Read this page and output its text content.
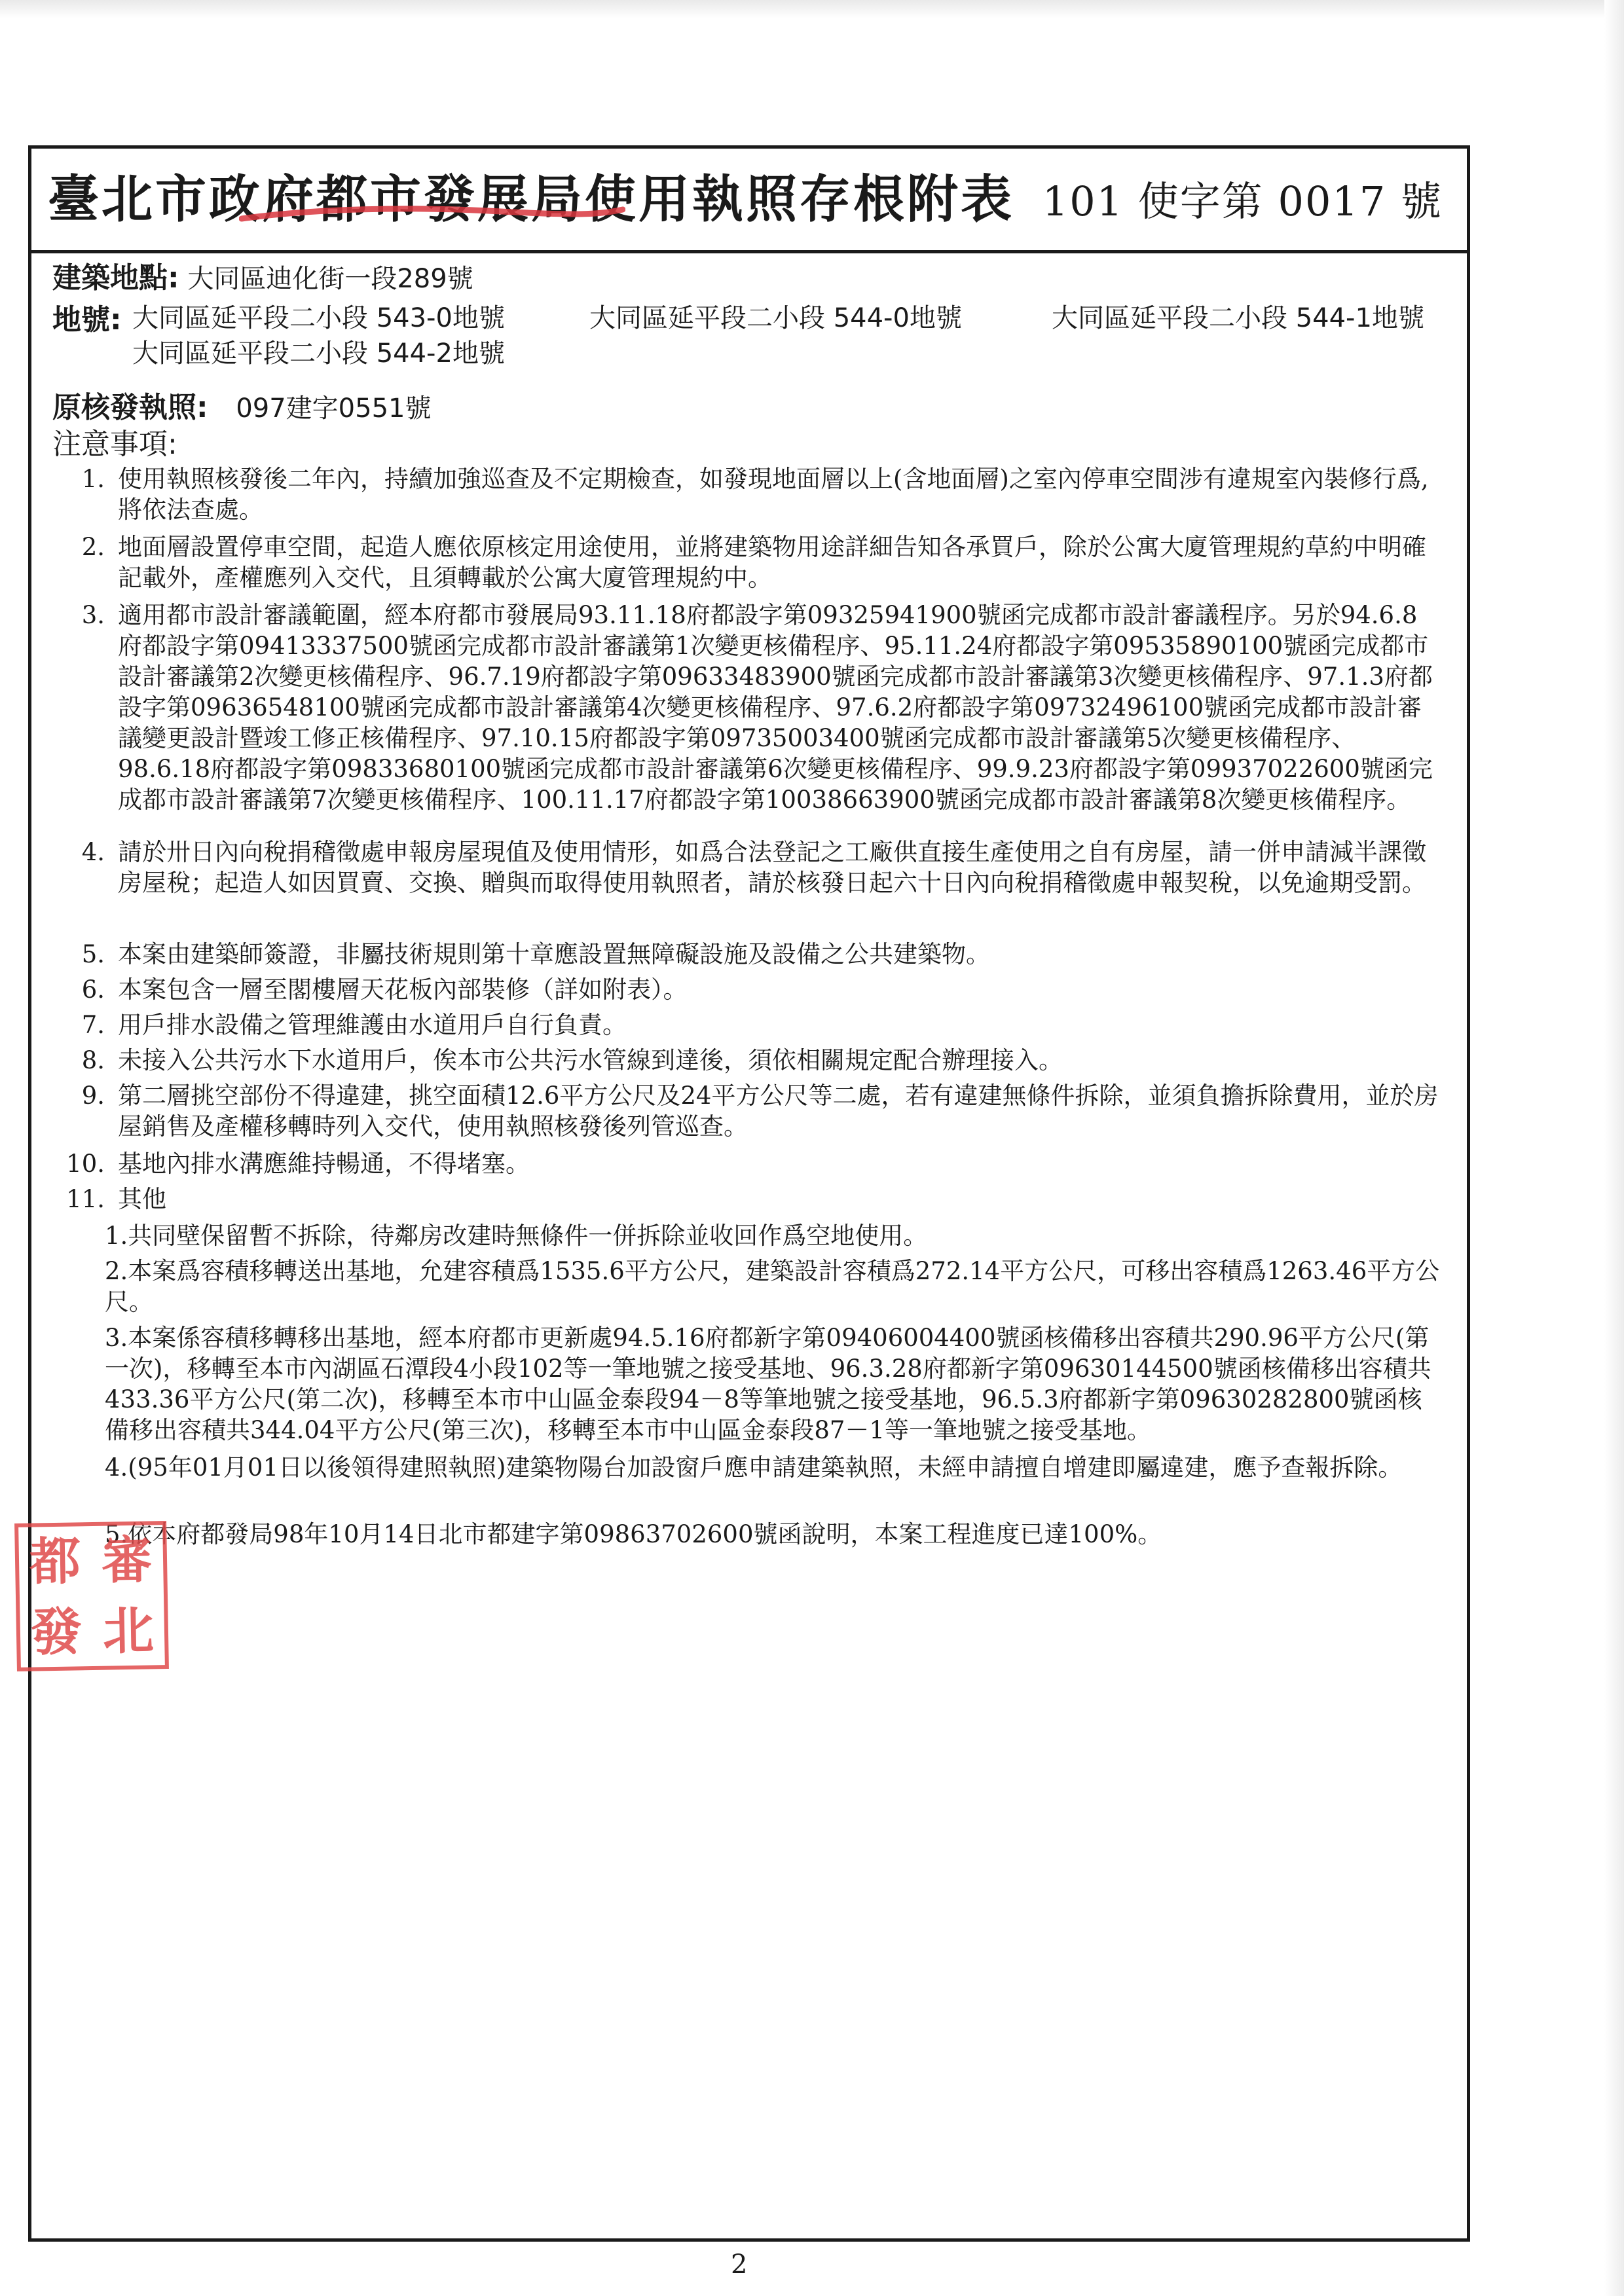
臺北市政府都市發展局使用執照存根附表 101 使字第 0017 號
建築地點: 大同區迪化街一段289號
地號: 大同區延平段二小段 543-0地號	大同區延平段二小段 544-0地號	大同區延平段二小段 544-1地號
大同區延平段二小段 544-2地號
原核發執照: 097建字0551號
注意事項:
1. 使用執照核發後二年內，持續加強巡查及不定期檢查，如發現地面層以上(含地面層)之室內停車空間涉有違規室內裝修行爲,將依法查處。
2. 地面層設置停車空間，起造人應依原核定用途使用，並將建築物用途詳細告知各承買戶，除於公寓大廈管理規約草約中明確記載外，產權應列入交代，且須轉載於公寓大廈管理規約中。
3. 適用都市設計審議範圍，經本府都市發展局93.11.18府都設字第09325941900號函完成都市設計審議程序。另於94.6.8府都設字第09413337500號函完成都市設計審議第1次變更核備程序、95.11.24府都設字第09535890100號函完成都市設計審議第2次變更核備程序、96.7.19府都設字第09633483900號函完成都市設計審議第3次變更核備程序、97.1.3府都設字第09636548100號函完成都市設計審議第4次變更核備程序、97.6.2府都設字第09732496100號函完成都市設計審議變更設計暨竣工修正核備程序、97.10.15府都設字第09735003400號函完成都市設計審議第5次變更核備程序、98.6.18府都設字第09833680100號函完成都市設計審議第6次變更核備程序、99.9.23府都設字第09937022600號函完成都市設計審議第7次變更核備程序、100.11.17府都設字第10038663900號函完成都市設計審議第8次變更核備程序。
4. 請於卅日內向稅捐稽徵處申報房屋現值及使用情形，如爲合法登記之工廠供直接生產使用之自有房屋，請一併申請減半課徵房屋稅；起造人如因買賣、交換、贈與而取得使用執照者，請於核發日起六十日內向稅捐稽徵處申報契稅，以免逾期受罰。
5. 本案由建築師簽證，非屬技術規則第十章應設置無障礙設施及設備之公共建築物。
6. 本案包含一層至閣樓層天花板內部裝修（詳如附表）。
7. 用戶排水設備之管理維護由水道用戶自行負責。
8. 未接入公共污水下水道用戶，俟本市公共污水管線到達後，須依相關規定配合辦理接入。
9. 第二層挑空部份不得違建，挑空面積12.6平方公尺及24平方公尺等二處，若有違建無條件拆除，並須負擔拆除費用，並於房屋銷售及產權移轉時列入交代，使用執照核發後列管巡查。
10. 基地內排水溝應維持暢通，不得堵塞。
11. 其他
1.共同壁保留暫不拆除，待鄰房改建時無條件一併拆除並收回作爲空地使用。
2.本案爲容積移轉送出基地，允建容積爲1535.6平方公尺，建築設計容積爲272.14平方公尺，可移出容積爲1263.46平方公尺。
3.本案係容積移轉移出基地，經本府都市更新處94.5.16府都新字第09406004400號函核備移出容積共290.96平方公尺(第一次)，移轉至本市內湖區石潭段4小段102等一筆地號之接受基地、96.3.28府都新字第09630144500號函核備移出容積共433.36平方公尺(第二次)，移轉至本市中山區金泰段94－8等筆地號之接受基地，96.5.3府都新字第09630282800號函核備移出容積共344.04平方公尺(第三次)，移轉至本市中山區金泰段87－1等一筆地號之接受基地。
4.(95年01月01日以後領得建照執照)建築物陽台加設窗戶應申請建築執照，未經申請擅自增建即屬違建，應予查報拆除。
5.依本府都發局98年10月14日北市都建字第09863702600號函說明，本案工程進度已達100%。
都 審
發 北
2
